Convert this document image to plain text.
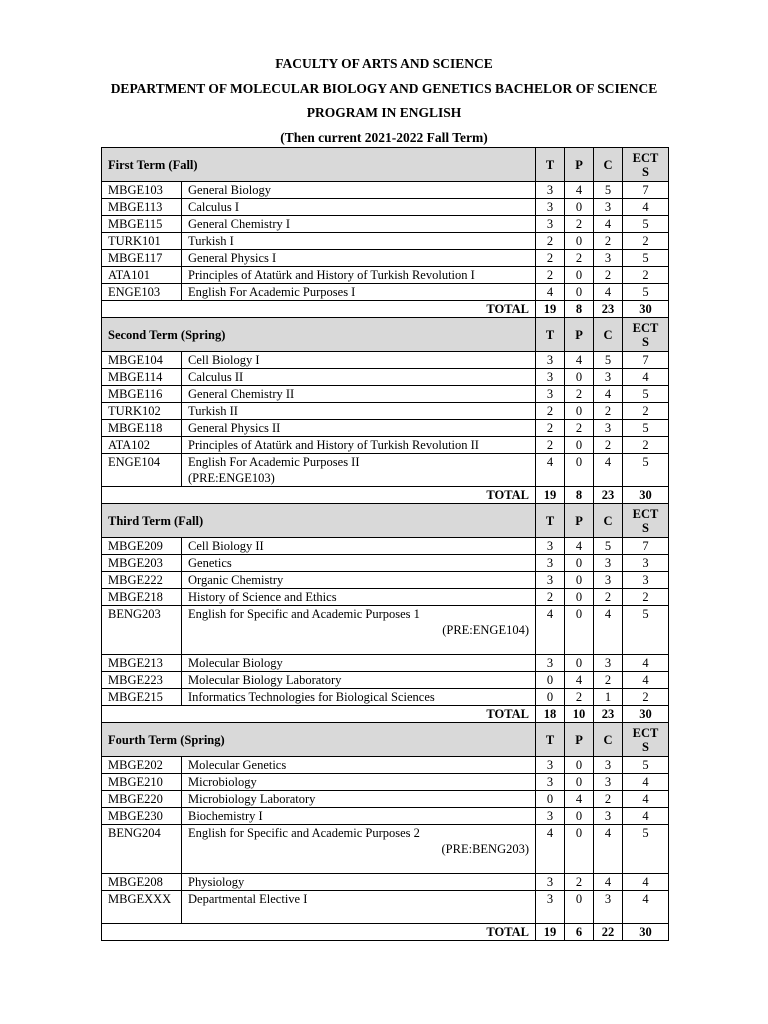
FACULTY OF ARTS AND SCIENCE
DEPARTMENT OF MOLECULAR BIOLOGY AND GENETICS BACHELOR OF SCIENCE
PROGRAM IN ENGLISH
(Then current 2021-2022 Fall Term)
First Term (Fall)		T	P	C	ECT
S

MBGE103	General Biology	3	4	5	7
MBGE113	Calculus I	3	0	3	4
MBGE115	General Chemistry I	3	2	4	5
TURK101	Turkish I	2	0	2	2
MBGE117	General Physics I	2	2	3	5
ATA101	Principles of Atatürk and History of Turkish Revolution I	2	0	2	2
ENGE103	English For Academic Purposes I	4	0	4	5
TOTAL		19	8	23	30
Second Term (Spring)		T	P	C	ECT
S

MBGE104	Cell Biology I	3	4	5	7
MBGE114	Calculus II	3	0	3	4
MBGE116	General Chemistry II	3	2	4	5
TURK102	Turkish II	2	0	2	2
MBGE118	General Physics II	2	2	3	5
ATA102	Principles of Atatürk and History of Turkish Revolution II	2	0	2	2
ENGE104	English For Academic Purposes II
(PRE:ENGE103)	4	0	4	5
TOTAL		19	8	23	30
Third Term (Fall)		T	P	C	ECT
S

MBGE209	Cell Biology II	3	4	5	7
MBGE203	Genetics	3	0	3	3
MBGE222	Organic Chemistry	3	0	3	3
MBGE218	History of Science and Ethics	2	0	2	2
BENG203	English for Specific and Academic Purposes 1
(PRE:ENGE104)	4	0	4	5
MBGE213	Molecular Biology	3	0	3	4
MBGE223	Molecular Biology Laboratory	0	4	2	4
MBGE215	Informatics Technologies for Biological Sciences	0	2	1	2
TOTAL		18	10	23	30
Fourth Term (Spring)		T	P	C	ECT
S

MBGE202	Molecular Genetics	3	0	3	5
MBGE210	Microbiology	3	0	3	4
MBGE220	Microbiology Laboratory	0	4	2	4
MBGE230	Biochemistry I	3	0	3	4
BENG204	English for Specific and Academic Purposes 2
(PRE:BENG203)	4	0	4	5
MBGE208	Physiology	3	2	4	4
MBGEXXX	Departmental Elective I	3	0	3	4
TOTAL		19	6	22	30
